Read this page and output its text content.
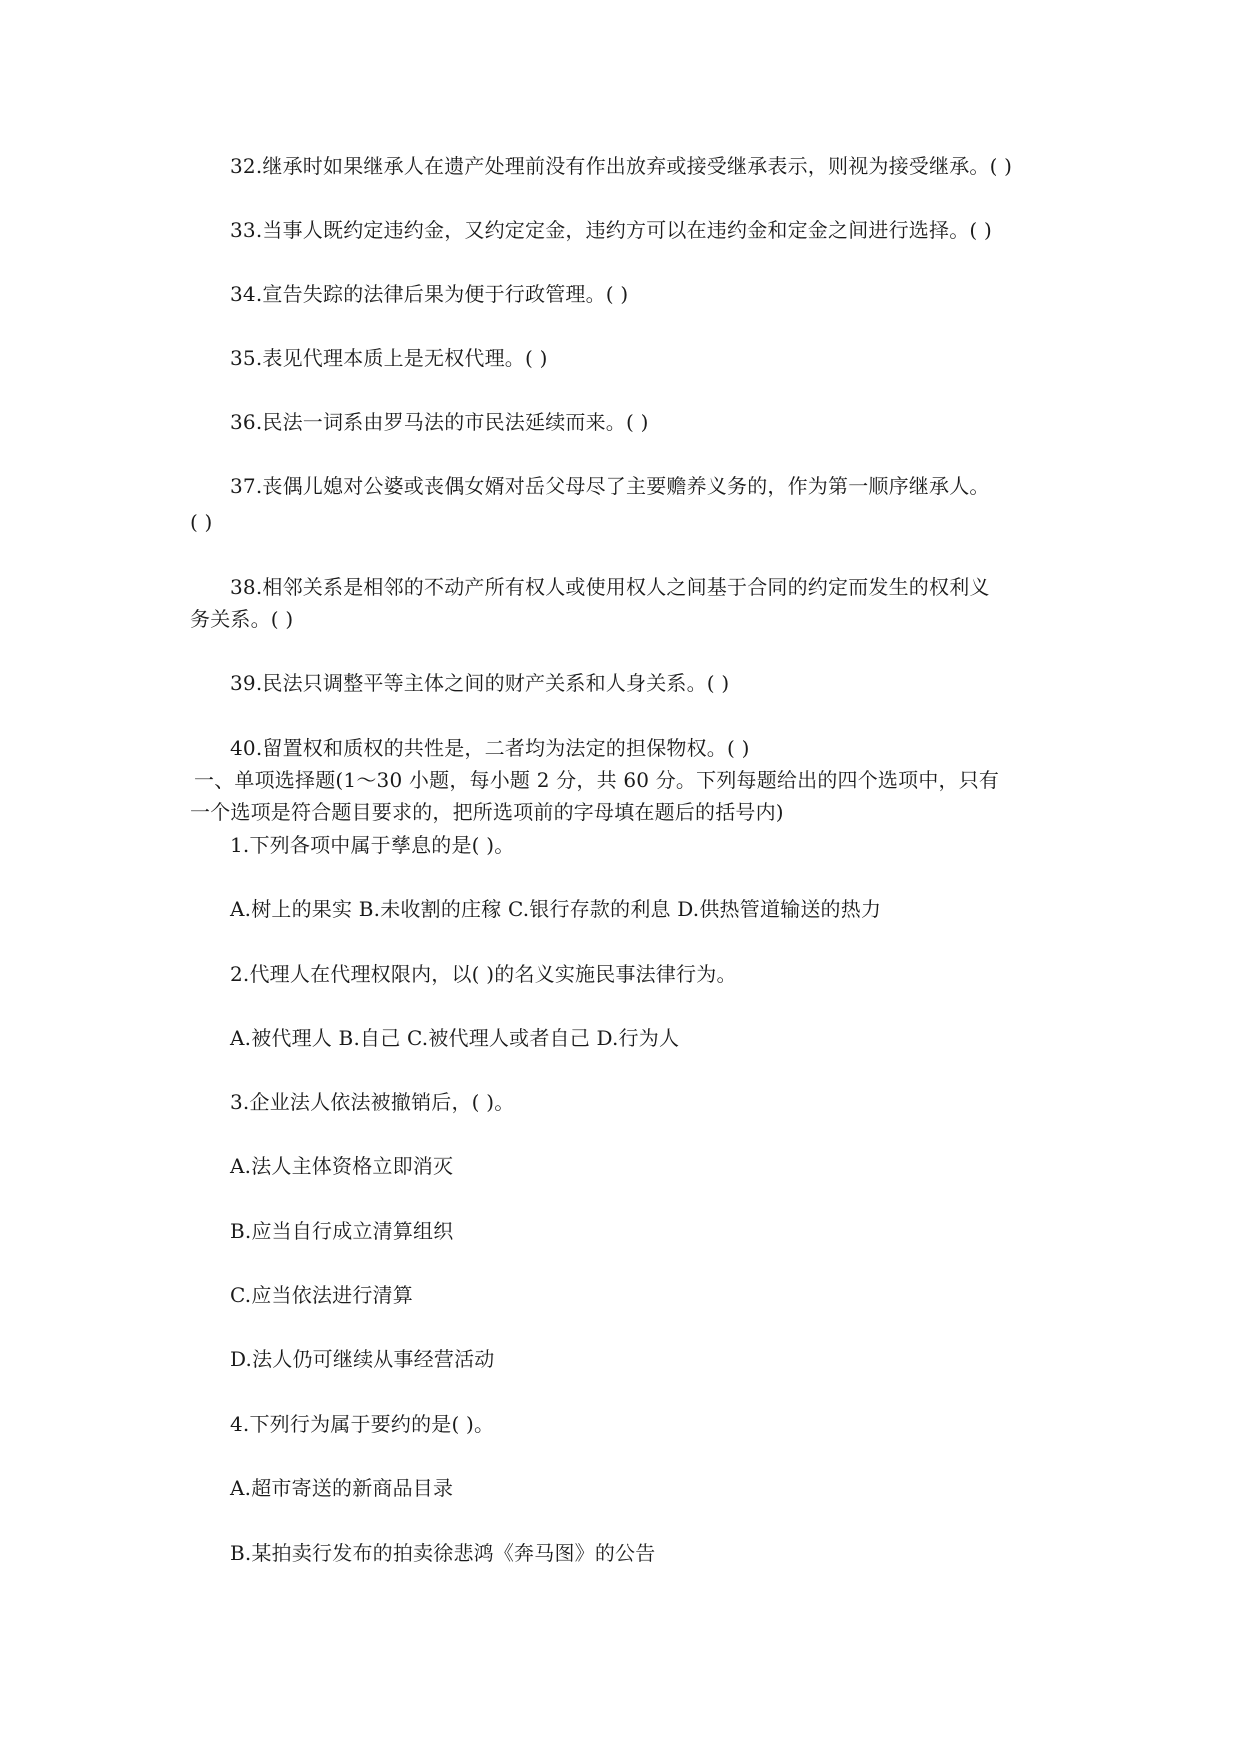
32.继承时如果继承人在遗产处理前没有作出放弃或接受继承表示，则视为接受继承。( )
33.当事人既约定违约金，又约定定金，违约方可以在违约金和定金之间进行选择。( )
34.宣告失踪的法律后果为便于行政管理。( )
35.表见代理本质上是无权代理。( )
36.民法一词系由罗马法的市民法延续而来。( )
37.丧偶儿媳对公婆或丧偶女婿对岳父母尽了主要赡养义务的，作为第一顺序继承人。
( )
38.相邻关系是相邻的不动产所有权人或使用权人之间基于合同的约定而发生的权利义
务关系。( )
39.民法只调整平等主体之间的财产关系和人身关系。( )
40.留置权和质权的共性是，二者均为法定的担保物权。( )
一、单项选择题(1～30 小题，每小题 2 分，共 60 分。下列每题给出的四个选项中，只有
一个选项是符合题目要求的，把所选项前的字母填在题后的括号内)
1.下列各项中属于孳息的是( )。
A.树上的果实 B.未收割的庄稼 C.银行存款的利息 D.供热管道输送的热力
2.代理人在代理权限内，以( )的名义实施民事法律行为。
A.被代理人 B.自己 C.被代理人或者自己 D.行为人
3.企业法人依法被撤销后，( )。
A.法人主体资格立即消灭
B.应当自行成立清算组织
C.应当依法进行清算
D.法人仍可继续从事经营活动
4.下列行为属于要约的是( )。
A.超市寄送的新商品目录
B.某拍卖行发布的拍卖徐悲鸿《奔马图》的公告
